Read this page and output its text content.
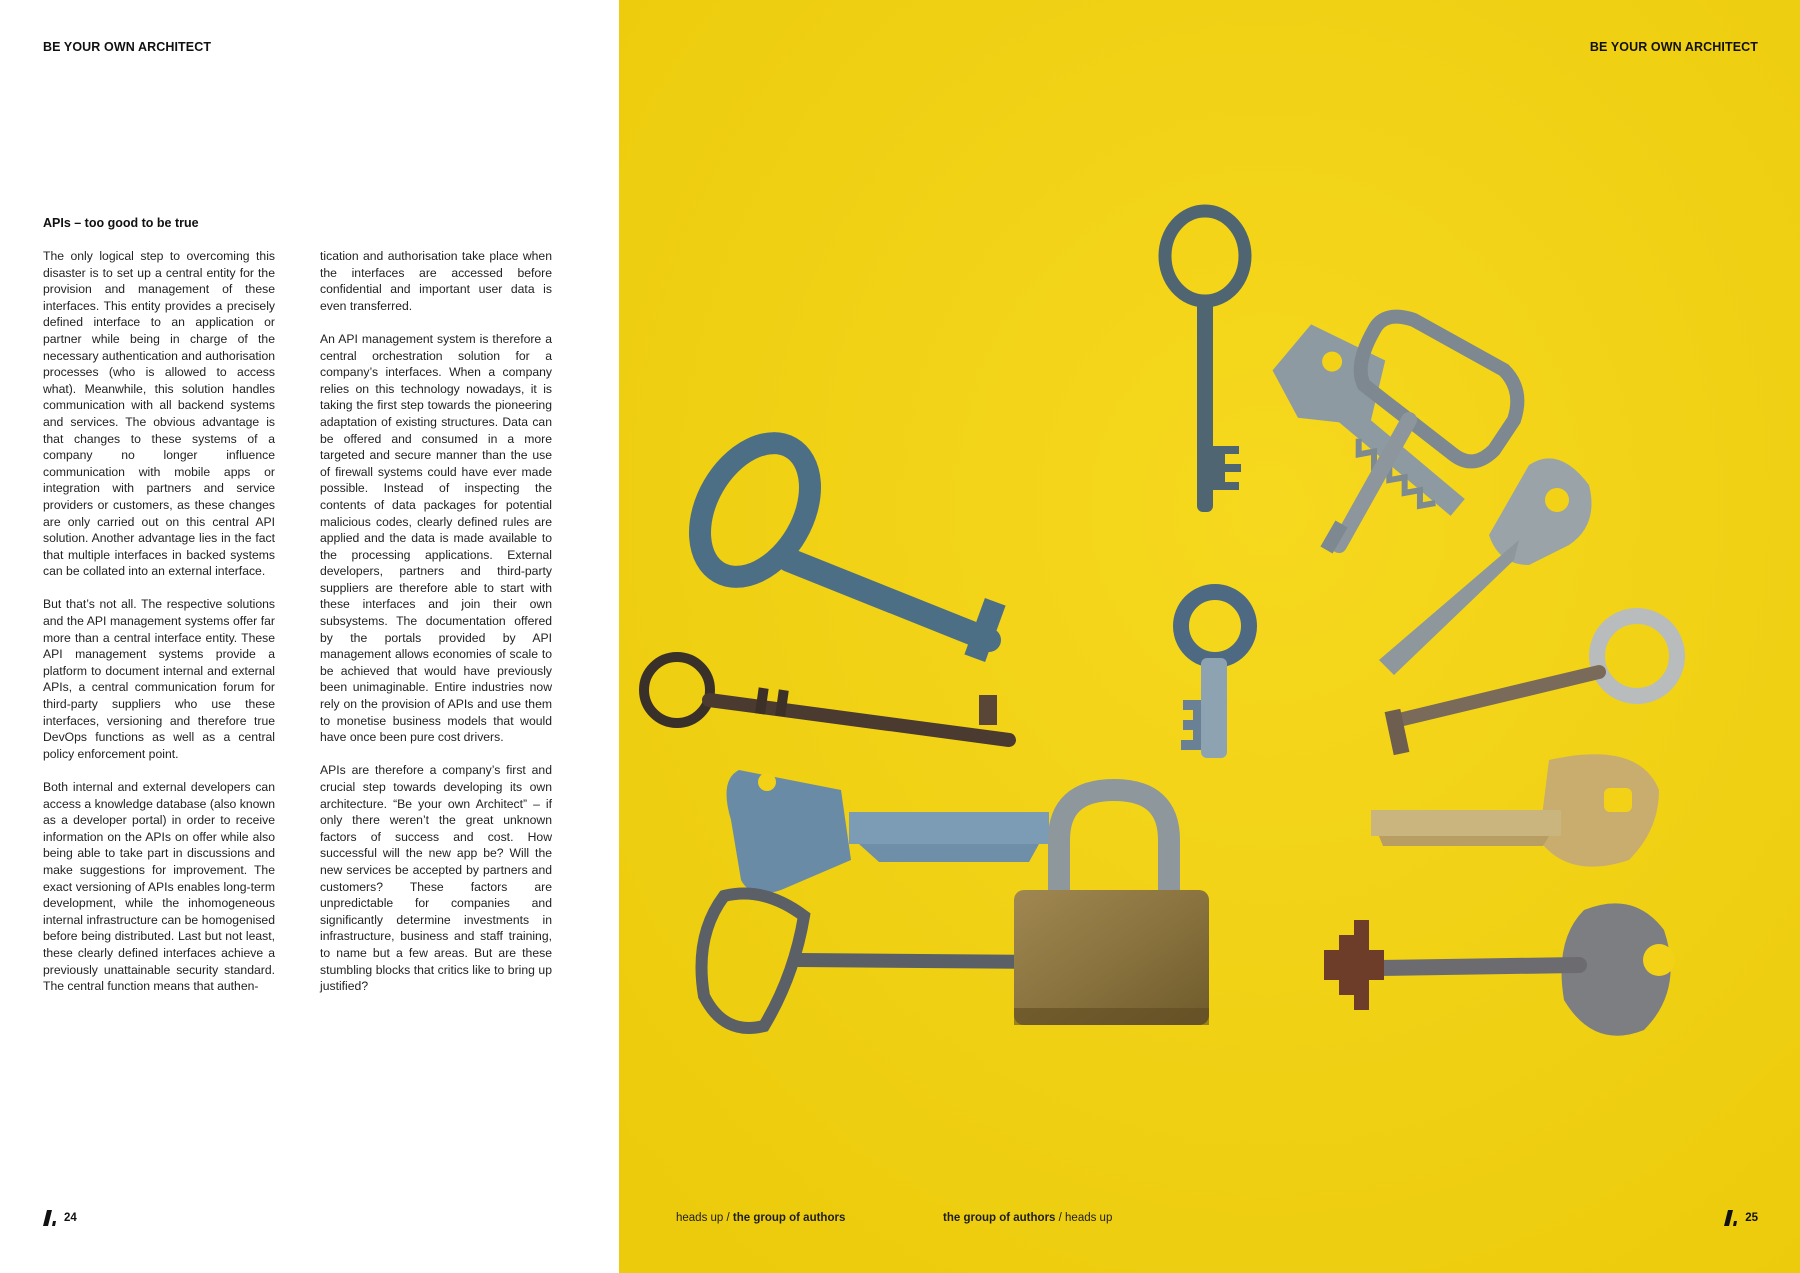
BE YOUR OWN ARCHITECT
APIs – too good to be true

The only logical step to overcoming this disaster is to set up a central entity for the provision and management of these interfaces. This entity provides a precisely defined interface to an application or partner while being in charge of the necessary authentication and authorisation processes (who is allowed to access what). Meanwhile, this solution handles communication with all backend systems and services. The obvious advantage is that changes to these systems of a company no longer influence communication with mobile apps or integration with partners and service providers or customers, as these changes are only carried out on this central API solution. Another advantage lies in the fact that multiple interfaces in backed systems can be collated into an external interface.

But that’s not all. The respective solutions and the API management systems offer far more than a central interface entity. These API management systems provide a platform to document internal and external APIs, a central communication forum for third-party suppliers who use these interfaces, versioning and therefore true DevOps functions as well as a central policy enforcement point.

Both internal and external developers can access a knowledge database (also known as a developer portal) in order to receive information on the APIs on offer while also being able to take part in discussions and make suggestions for improvement. The exact versioning of APIs enables long-term development, while the inhomogeneous internal infrastructure can be homogenised before being distributed. Last but not least, these clearly defined interfaces achieve a previously unattainable security standard. The central function means that authen-

tication and authorisation take place when the interfaces are accessed before confidential and important user data is even transferred.

An API management system is therefore a central orchestration solution for a company’s interfaces. When a company relies on this technology nowadays, it is taking the first step towards the pioneering adaptation of existing structures. Data can be offered and consumed in a more targeted and secure manner than the use of firewall systems could have ever made possible. Instead of inspecting the contents of data packages for potential malicious codes, clearly defined rules are applied and the data is made available to the processing applications. External developers, partners and third-party suppliers are therefore able to start with these interfaces and join their own subsystems. The documentation offered by the portals provided by API management allows economies of scale to be achieved that would have previously been unimaginable. Entire industries now rely on the provision of APIs and use them to monetise business models that would have once been pure cost drivers.

APIs are therefore a company’s first and crucial step towards developing its own architecture. “Be your own Architect” – if only there weren’t the great unknown factors of success and cost. How successful will the new app be? Will the new services be accepted by partners and customers? These factors are unpredictable for companies and significantly determine investments in infrastructure, business and staff training, to name but a few areas. But are these stumbling blocks that critics like to bring up justified?

24
BE YOUR OWN ARCHITECT
25
heads up / the group of authors	the group of authors / heads up
